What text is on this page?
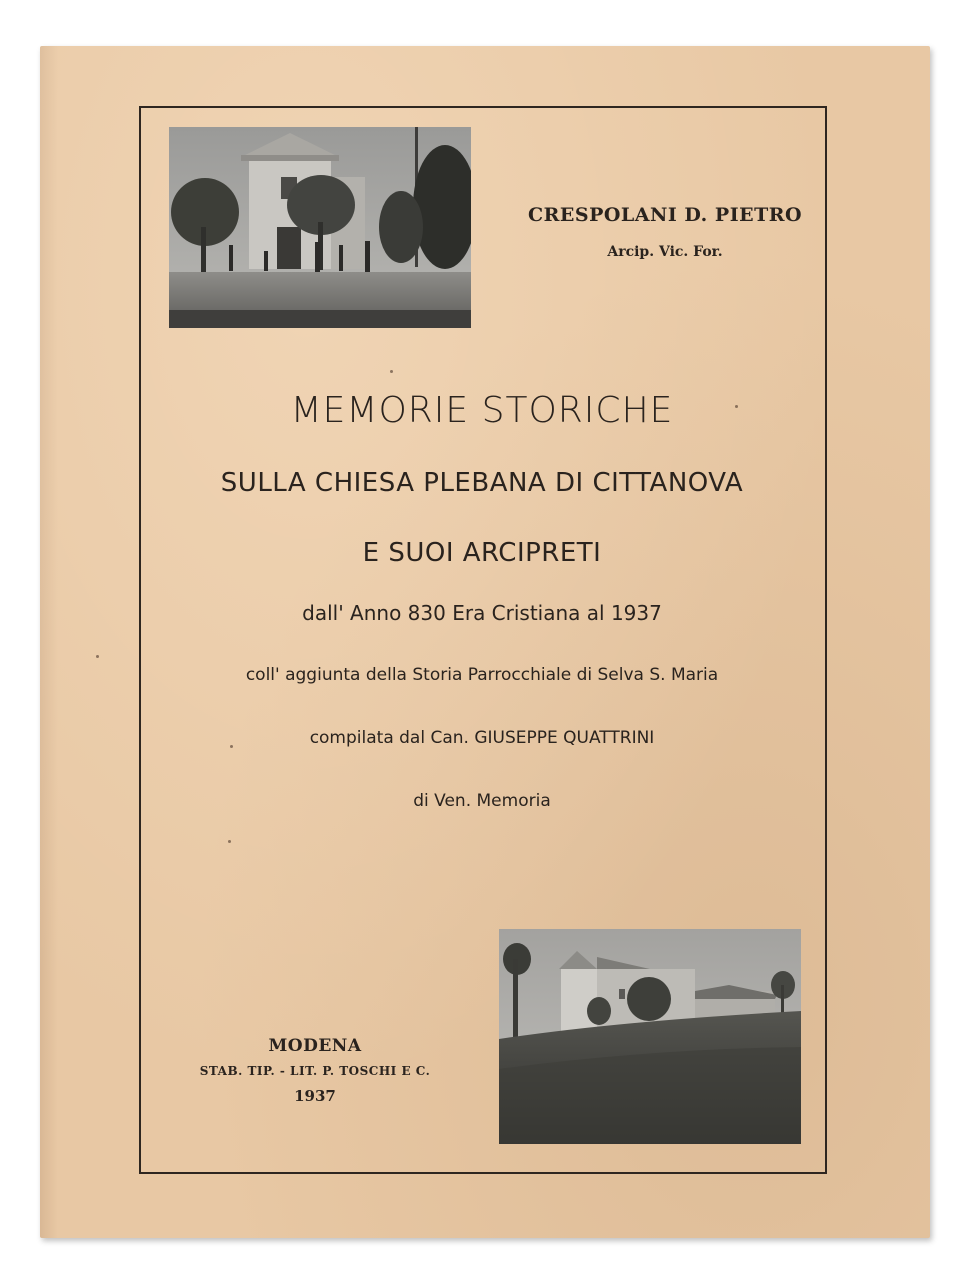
CRESPOLANI D. PIETRO
Arcip. Vic. For.
MEMORIE STORICHE
SULLA CHIESA PLEBANA DI CITTANOVA
E SUOI ARCIPRETI
dall' Anno 830 Era Cristiana al 1937
coll' aggiunta della Storia Parrocchiale di Selva S. Maria
compilata dal Can. GIUSEPPE QUATTRINI
di Ven. Memoria
MODENA
STAB. TIP. - LIT. P. TOSCHI E C.
1937
